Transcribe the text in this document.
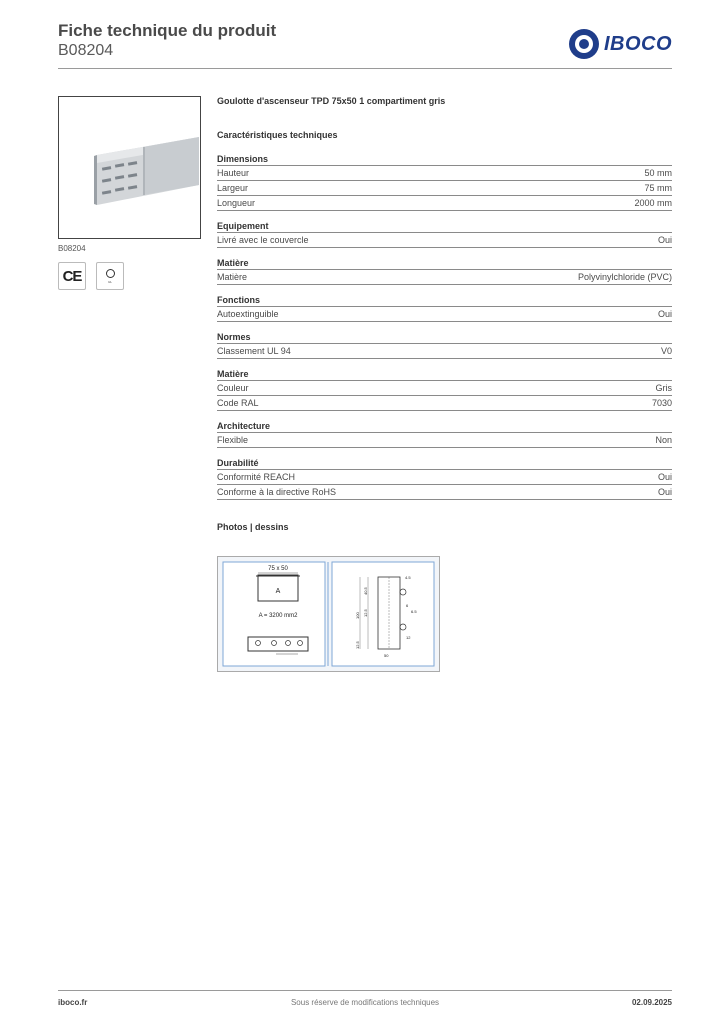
Fiche technique du produit
B08204	IBOCO
B08204
CE	UL
Goulotte d'ascenseur TPD 75x50 1 compartiment gris
Caractéristiques techniques
Dimensions
Hauteur	50 mm
Largeur	75 mm
Longueur	2000 mm
Equipement
Livré avec le couvercle	Oui
Matière
Matière	Polyvinylchloride (PVC)
Fonctions
Autoextinguible	Oui
Normes
Classement UL 94	V0
Matière
Couleur	Gris
Code RAL	7030
Architecture
Flexible	Non
Durabilité
Conformité REACH	Oui
Conforme à la directive RoHS	Oui
Photos | dessins
75 x 50
A
A = 3200 mm2
40.5
12.5
100
12.5
4.5
6
6.5
12
50
iboco.fr	Sous réserve de modifications techniques	02.09.2025
